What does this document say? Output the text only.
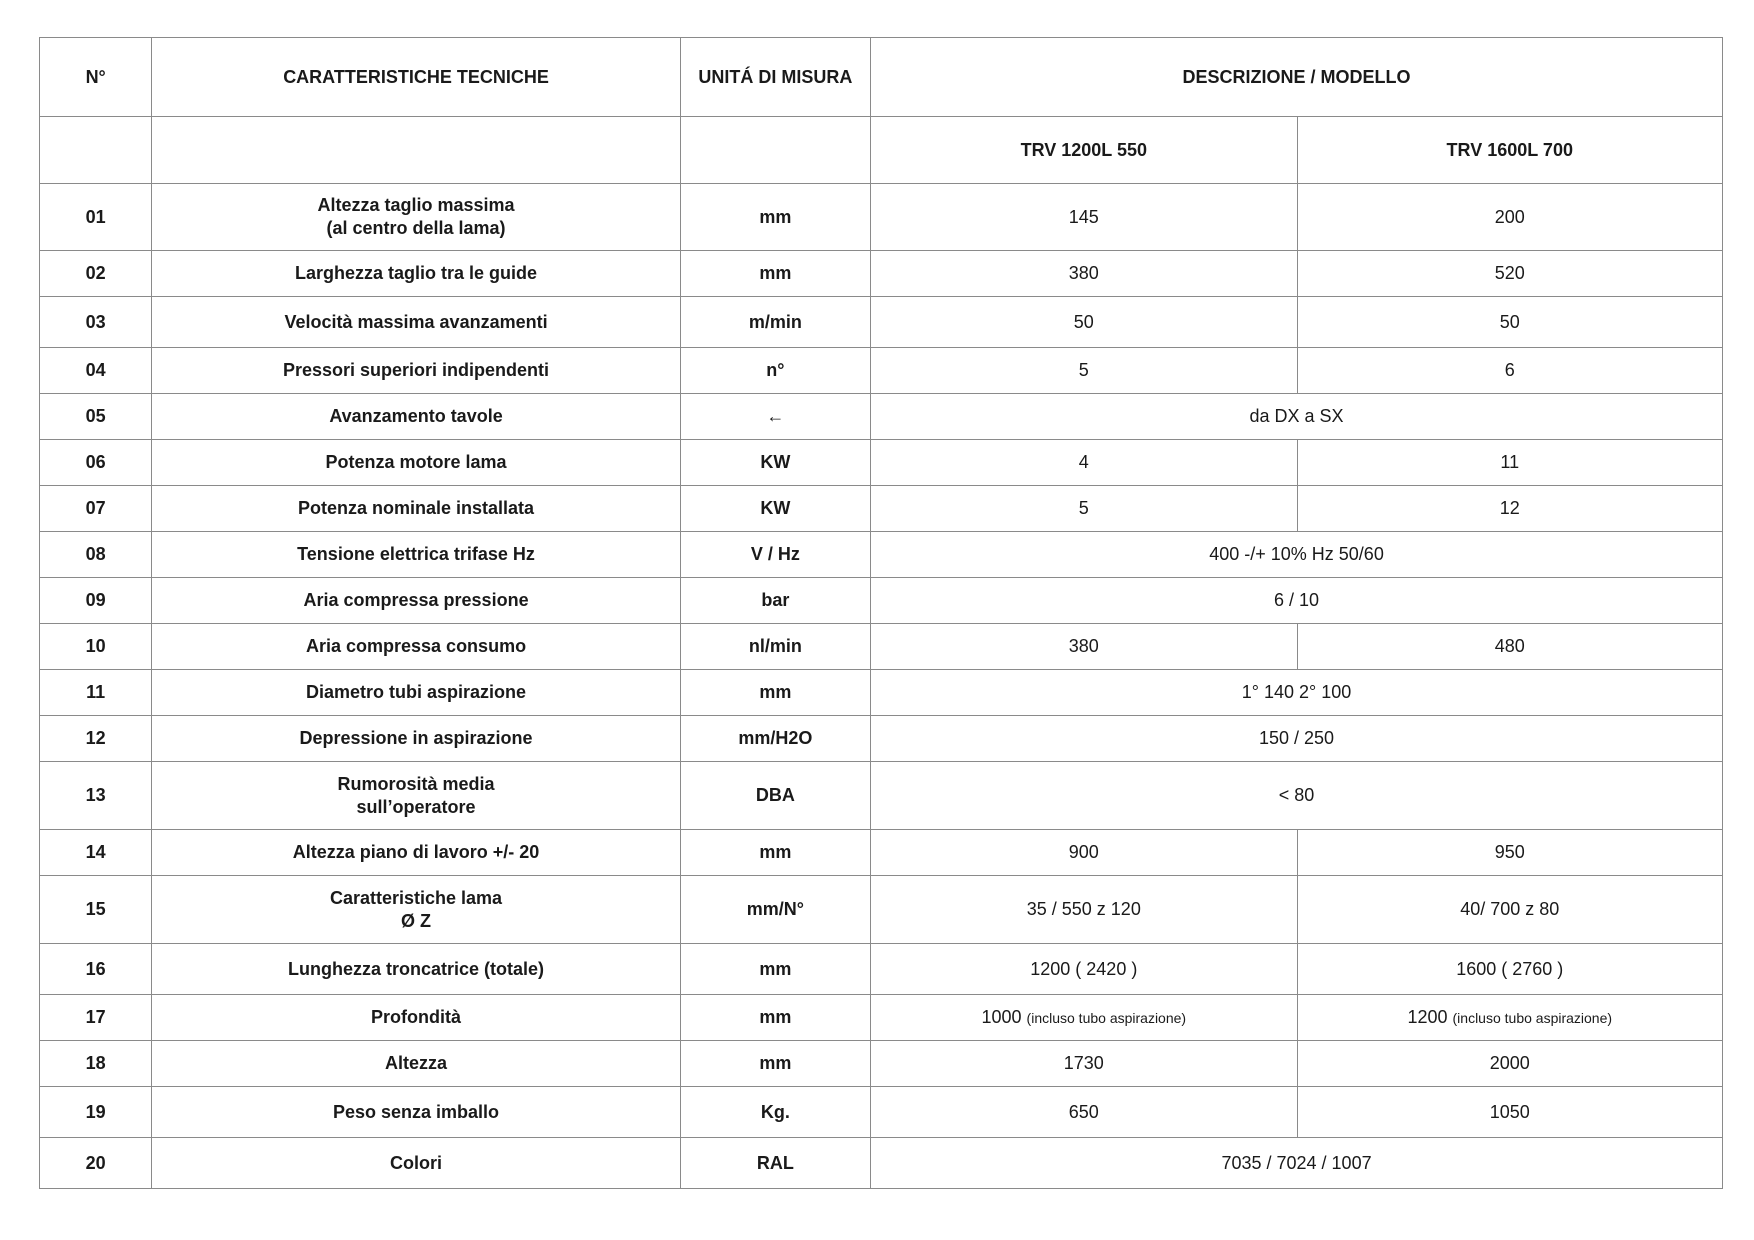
N°	CARATTERISTICHE TECNICHE	UNITÁ DI MISURA	DESCRIZIONE / MODELLO	
			TRV 1200L 550	TRV 1600L 700
01	Altezza taglio massima
(al centro della lama)	mm	145	200
02	Larghezza taglio tra le guide	mm	380	520
03	Velocità massima avanzamenti	m/min	50	50
04	Pressori superiori indipendenti	n°	5	6
05	Avanzamento tavole	←	da DX a SX	
06	Potenza motore lama	KW	4	11
07	Potenza nominale installata	KW	5	12
08	Tensione elettrica trifase Hz	V / Hz	400 -/+ 10% Hz 50/60	
09	Aria compressa pressione	bar	6 / 10	
10	Aria compressa consumo	nl/min	380	480
11	Diametro tubi aspirazione	mm	1° 140 2° 100	
12	Depressione in aspirazione	mm/H2O	150 / 250	
13	Rumorosità media
sull’operatore	DBA	< 80	
14	Altezza piano di lavoro +/- 20	mm	900	950
15	Caratteristiche lama
Ø Z	mm/N°	35 / 550 z 120	40/ 700 z 80
16	Lunghezza troncatrice (totale)	mm	1200 ( 2420 )	1600 ( 2760 )
17	Profondità	mm	1000 (incluso tubo aspirazione)	1200 (incluso tubo aspirazione)
18	Altezza	mm	1730	2000
19	Peso senza imballo	Kg.	650	1050
20	Colori	RAL	7035 / 7024 / 1007	
